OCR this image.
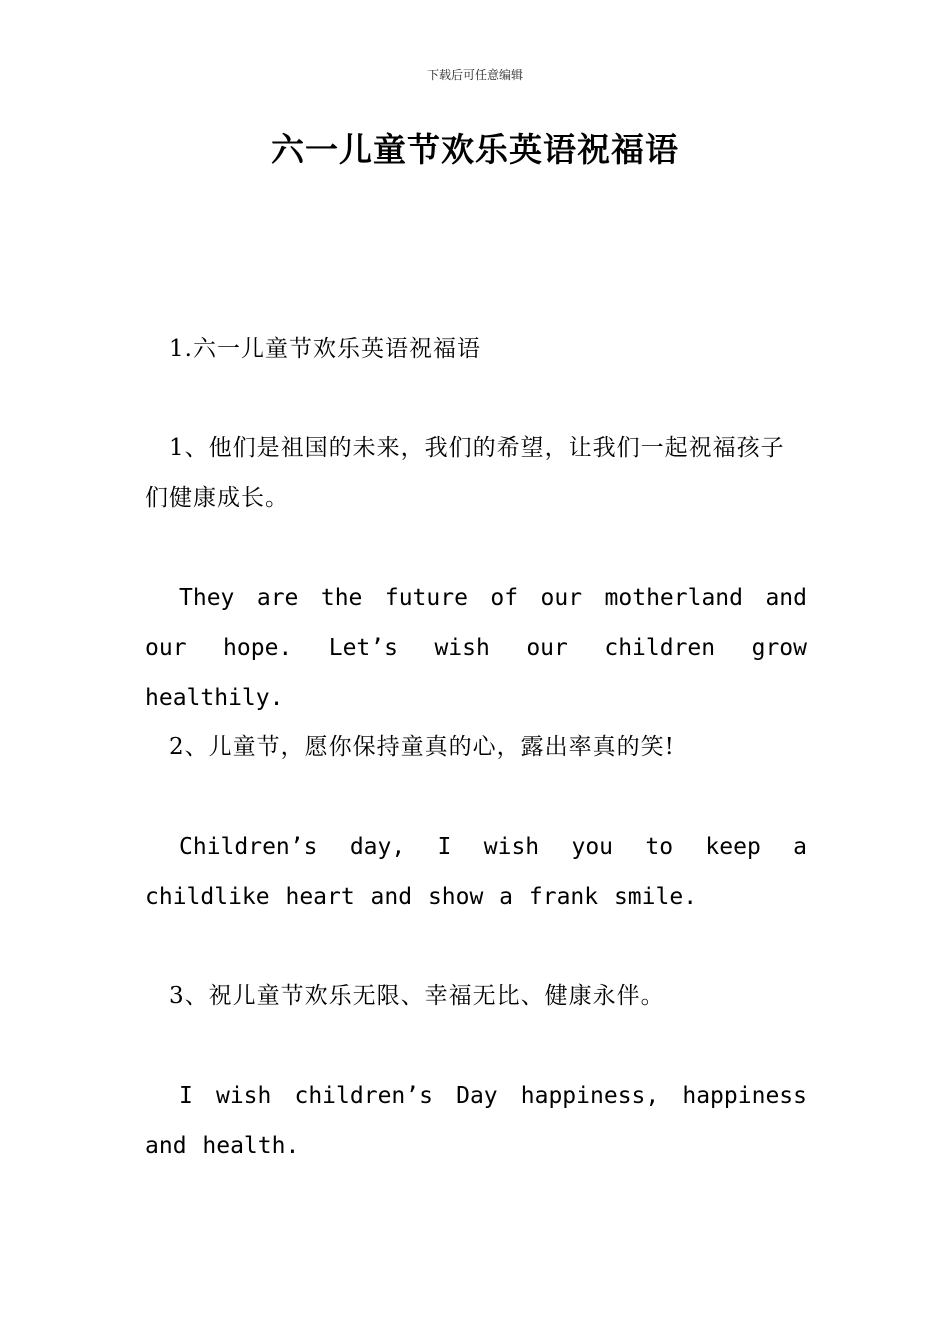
下载后可任意编辑
六一儿童节欢乐英语祝福语

1.六一儿童节欢乐英语祝福语

1、他们是祖国的未来，我们的希望，让我们一起祝福孩子们健康成长。

They are the future of our motherland and our hope. Let’s wish our children grow healthily.

2、儿童节，愿你保持童真的心，露出率真的笑!

Children’s day, I wish you to keep a childlike heart and show a frank smile.

3、祝儿童节欢乐无限、幸福无比、健康永伴。

I wish children’s Day happiness, happiness and health.
